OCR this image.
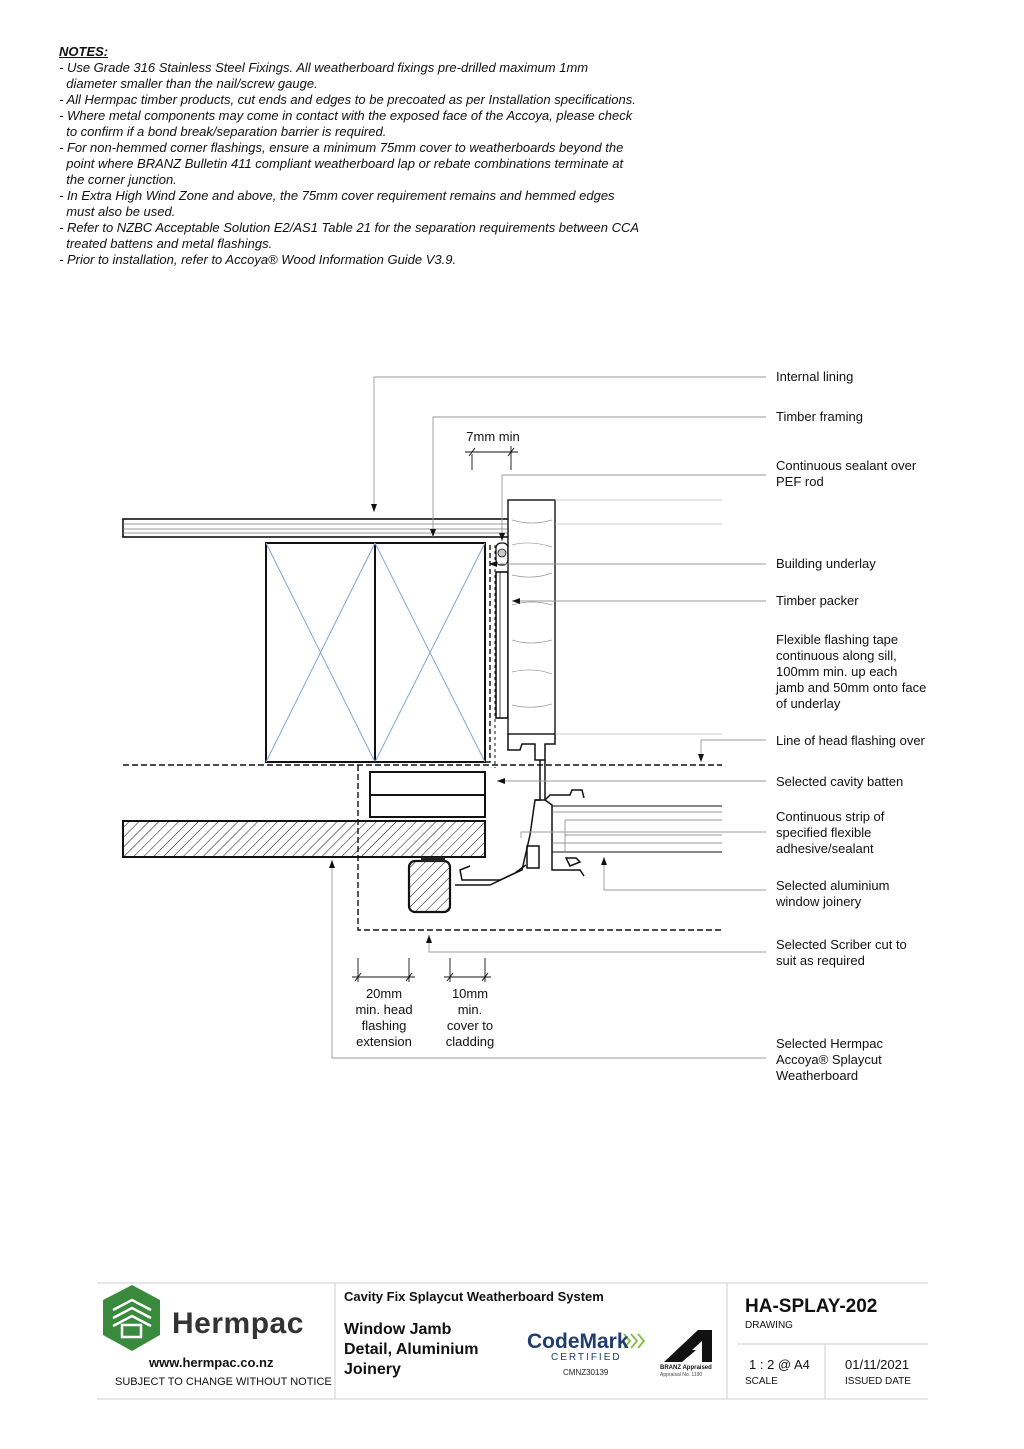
NOTES:
- Use Grade 316 Stainless Steel Fixings. All weatherboard fixings pre-drilled maximum 1mm
diameter smaller than the nail/screw gauge.
- All Hermpac timber products, cut ends and edges to be precoated as per Installation specifications.
- Where metal components may come in contact with the exposed face of the Accoya, please check
to confirm if a bond break/separation barrier is required.
- For non-hemmed corner flashings, ensure a minimum 75mm cover to weatherboards beyond the
point where BRANZ Bulletin 411 compliant weatherboard lap or rebate combinations terminate at
the corner junction.
- In Extra High Wind Zone and above, the 75mm cover requirement remains and hemmed edges
must also be used.
- Refer to NZBC Acceptable Solution E2/AS1 Table 21 for the separation requirements between CCA
treated battens and metal flashings.
- Prior to installation, refer to Accoya® Wood Information Guide V3.9.
Internal lining
Timber framing
Continuous sealant over
PEF rod
Building underlay
Timber packer
Flexible flashing tape
continuous along sill,
100mm min. up each
jamb and 50mm onto face
of underlay
Line of head flashing over
Selected cavity batten
Continuous strip of
specified flexible
adhesive/sealant
Selected aluminium
window joinery
Selected Scriber cut to
suit as required
Selected Hermpac
Accoya® Splaycut
Weatherboard
7mm min
20mm
min. head
flashing
extension
10mm
min.
cover to
cladding
Hermpac
www.hermpac.co.nz
SUBJECT TO CHANGE WITHOUT NOTICE
Cavity Fix Splaycut Weatherboard System
Window Jamb
Detail, Aluminium
Joinery
CodeMark
CERTIFIED
CMNZ30139	BRANZ Appraised
Appraisal No. 1190
HA-SPLAY-202
DRAWING
1 : 2 @ A4
SCALE
01/11/2021
ISSUED DATE
